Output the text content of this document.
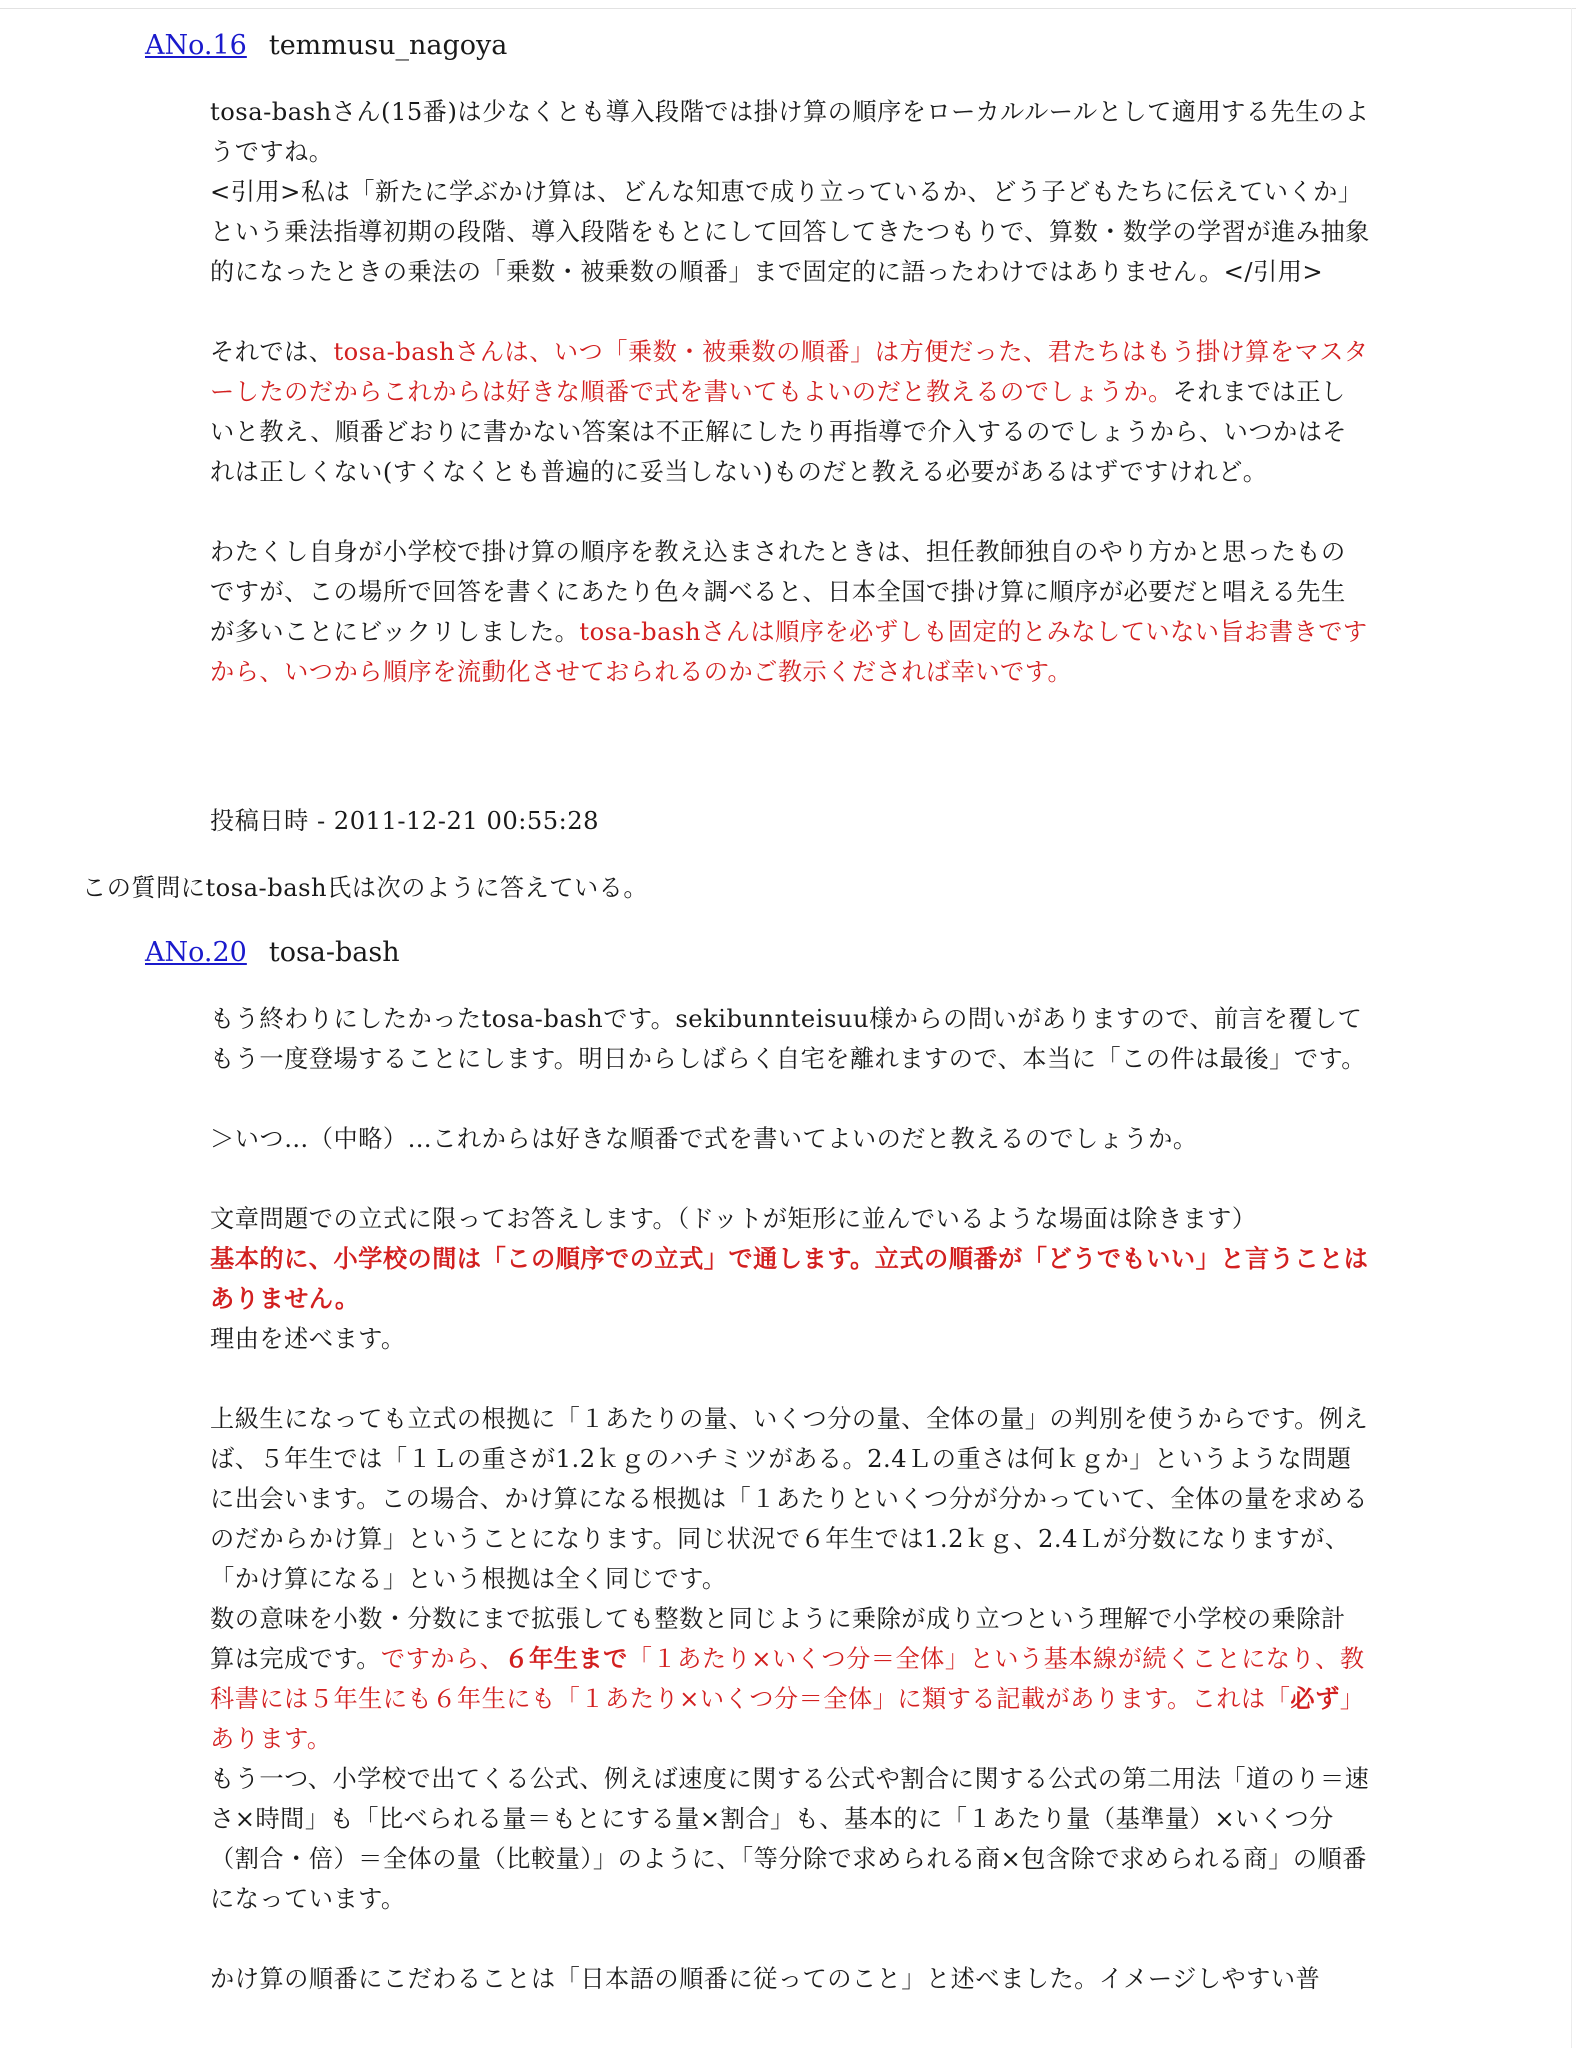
ANo.16 temmusu_nagoya

tosa-bashさん(15番)は少なくとも導入段階では掛け算の順序をローカルルールとして適用する先生のようですね。

<引用>私は「新たに学ぶかけ算は、どんな知恵で成り立っているか、どう子どもたちに伝えていくか」という乗法指導初期の段階、導入段階をもとにして回答してきたつもりで、算数・数学の学習が進み抽象的になったときの乗法の「乗数・被乗数の順番」まで固定的に語ったわけではありません。</引用>

それでは、tosa-bashさんは、いつ「乗数・被乗数の順番」は方便だった、君たちはもう掛け算をマスターしたのだからこれからは好きな順番で式を書いてもよいのだと教えるのでしょうか。それまでは正しいと教え、順番どおりに書かない答案は不正解にしたり再指導で介入するのでしょうから、いつかはそれは正しくない(すくなくとも普遍的に妥当しない)ものだと教える必要があるはずですけれど。

わたくし自身が小学校で掛け算の順序を教え込まされたときは、担任教師独自のやり方かと思ったものですが、この場所で回答を書くにあたり色々調べると、日本全国で掛け算に順序が必要だと唱える先生が多いことにビックリしました。tosa-bashさんは順序を必ずしも固定的とみなしていない旨お書きですから、いつから順序を流動化させておられるのかご教示くだされば幸いです。

投稿日時 - 2011-12-21 00:55:28
この質問にtosa-bash氏は次のように答えている。
ANo.20 tosa-bash

もう終わりにしたかったtosa-bashです。sekibunnteisuu様からの問いがありますので、前言を覆してもう一度登場することにします。明日からしばらく自宅を離れますので、本当に「この件は最後」です。

＞いつ…（中略）…これからは好きな順番で式を書いてよいのだと教えるのでしょうか。

文章問題での立式に限ってお答えします。（ドットが矩形に並んでいるような場面は除きます）

基本的に、小学校の間は「この順序での立式」で通します。立式の順番が「どうでもいい」と言うことはありません。

理由を述べます。

上級生になっても立式の根拠に「１あたりの量、いくつ分の量、全体の量」の判別を使うからです。例えば、５年生では「１Ｌの重さが1.2ｋｇのハチミツがある。2.4Ｌの重さは何ｋｇか」というような問題に出会います。この場合、かけ算になる根拠は「１あたりといくつ分が分かっていて、全体の量を求めるのだからかけ算」ということになります。同じ状況で６年生では1.2ｋｇ、2.4Ｌが分数になりますが、「かけ算になる」という根拠は全く同じです。

数の意味を小数・分数にまで拡張しても整数と同じように乗除が成り立つという理解で小学校の乗除計算は完成です。ですから、６年生まで「１あたり×いくつ分＝全体」という基本線が続くことになり、教科書には５年生にも６年生にも「１あたり×いくつ分＝全体」に類する記載があります。これは「必ず」あります。

もう一つ、小学校で出てくる公式、例えば速度に関する公式や割合に関する公式の第二用法「道のり＝速さ×時間」も「比べられる量＝もとにする量×割合」も、基本的に「１あたり量（基準量）×いくつ分（割合・倍）＝全体の量（比較量）」のように、「等分除で求められる商×包含除で求められる商」の順番になっています。

かけ算の順番にこだわることは「日本語の順番に従ってのこと」と述べました。イメージしやすい普
